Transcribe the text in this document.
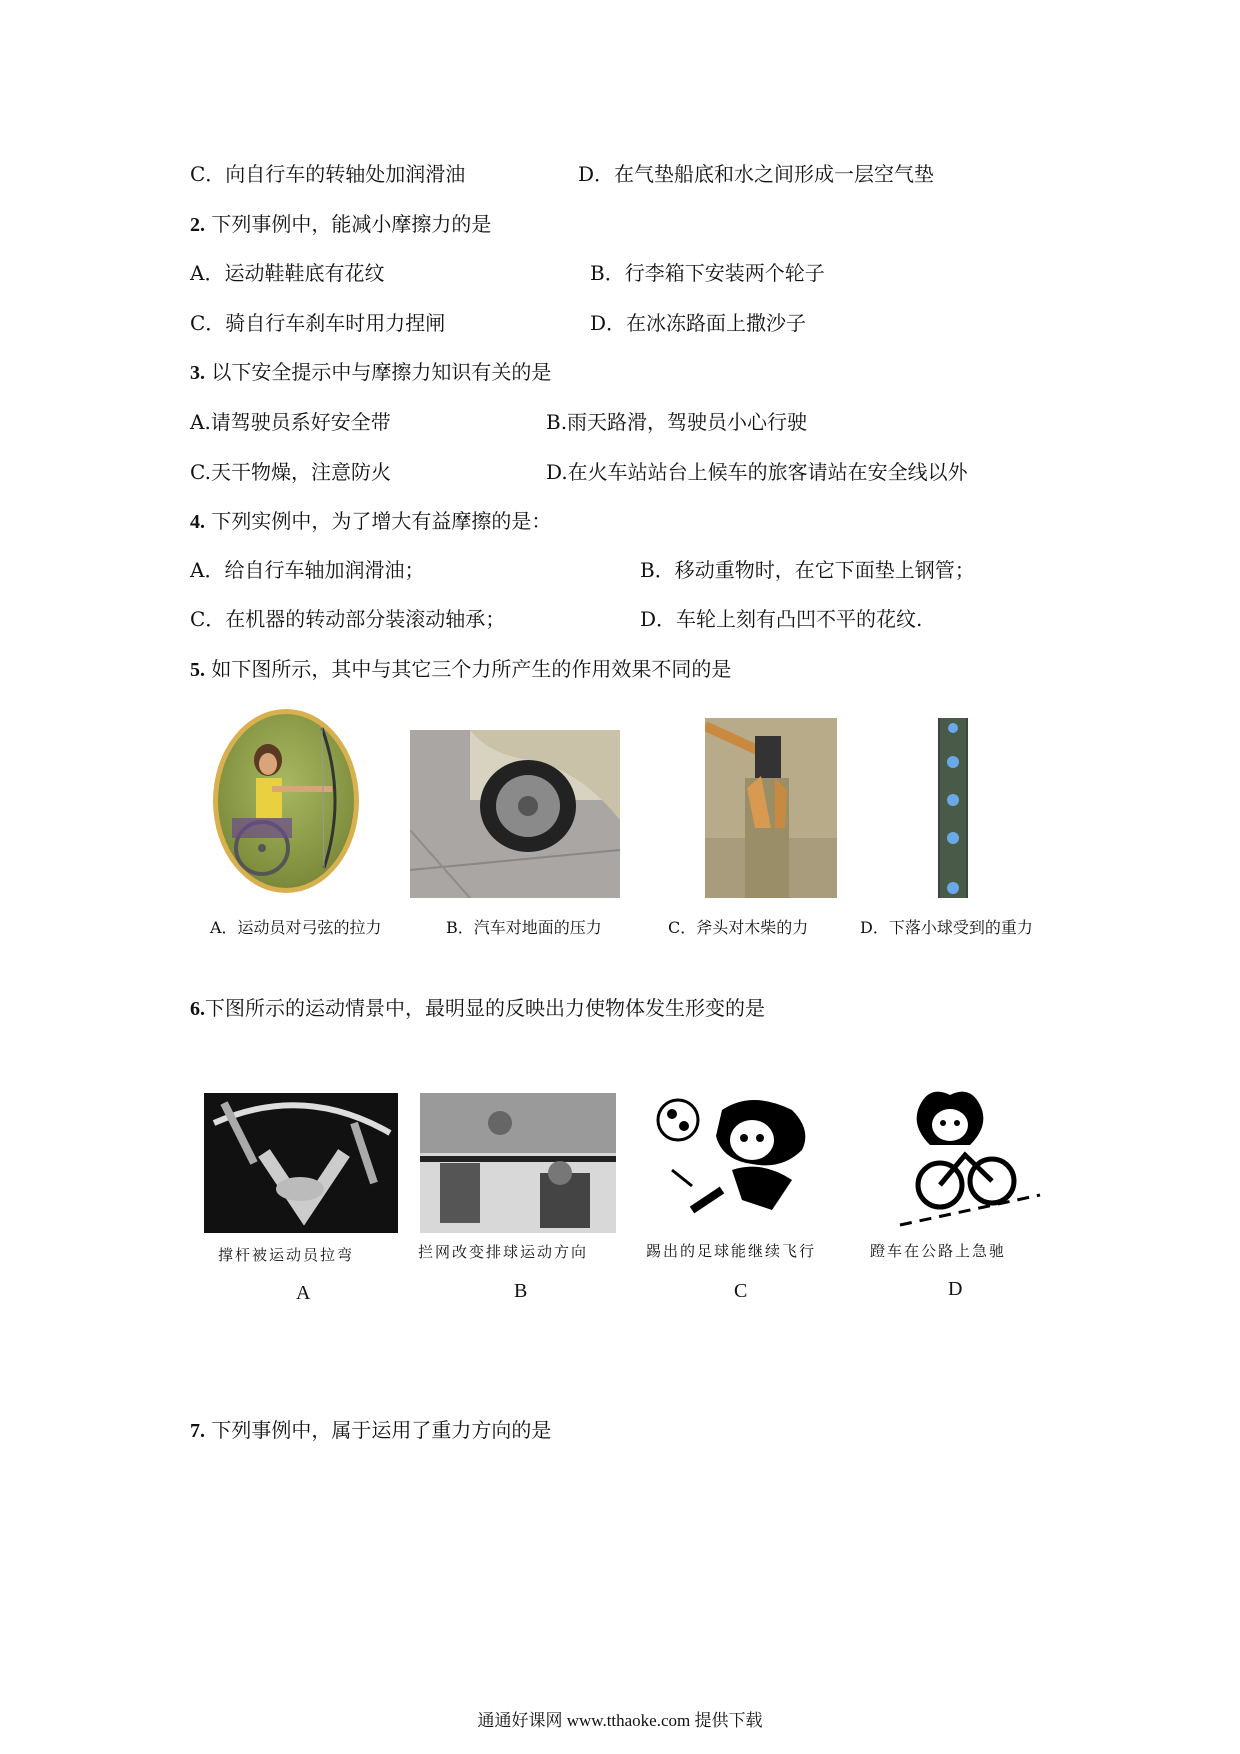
C．向自行车的转轴处加润滑油	D．在气垫船底和水之间形成一层空气垫
2. 下列事例中，能减小摩擦力的是
A．运动鞋鞋底有花纹	B．行李箱下安装两个轮子
C．骑自行车刹车时用力捏闸	D．在冰冻路面上撒沙子
3. 以下安全提示中与摩擦力知识有关的是
A.请驾驶员系好安全带	B.雨天路滑，驾驶员小心行驶
C.天干物燥，注意防火	D.在火车站站台上候车的旅客请站在安全线以外
4. 下列实例中，为了增大有益摩擦的是：
A．给自行车轴加润滑油；	B．移动重物时，在它下面垫上钢管；
C．在机器的转动部分装滚动轴承；	D．车轮上刻有凸凹不平的花纹.
5. 如下图所示，其中与其它三个力所产生的作用效果不同的是
A．运动员对弓弦的拉力	B．汽车对地面的压力	C．斧头对木柴的力	D．下落小球受到的重力
6.下图所示的运动情景中，最明显的反映出力使物体发生形变的是
撑杆被运动员拉弯	拦网改变排球运动方向	踢出的足球能继续飞行	蹬车在公路上急驰
A	B	C	D
7. 下列事例中，属于运用了重力方向的是
通通好课网 www.tthaoke.com 提供下载
